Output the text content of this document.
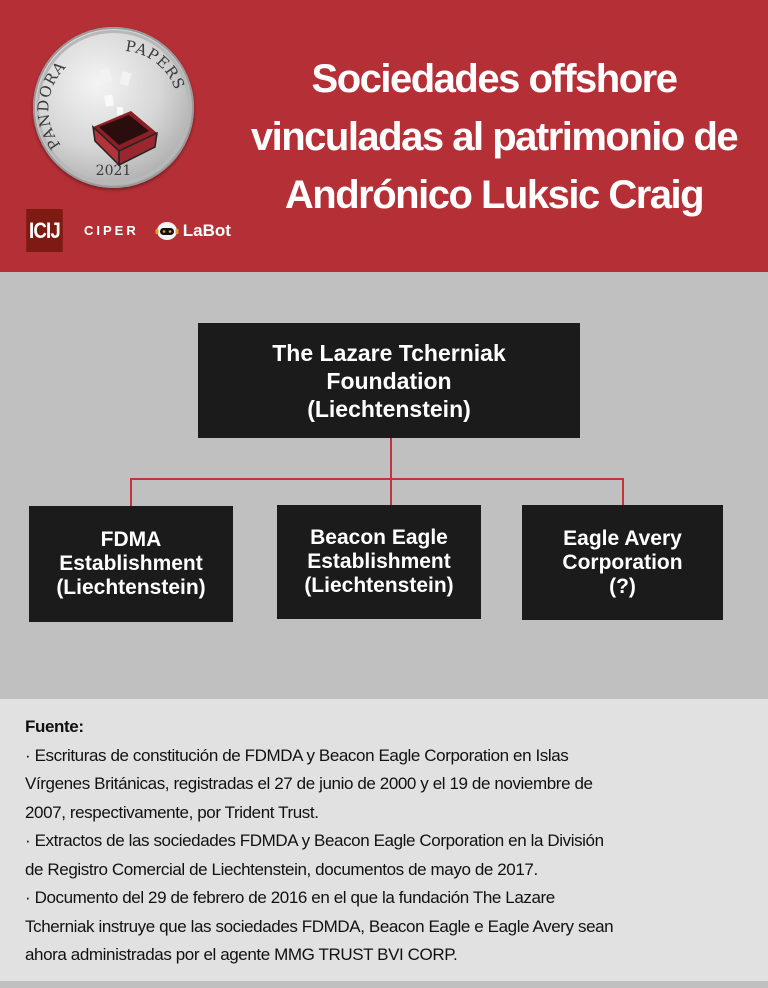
PANDORA
PAPERS
2021
ICIJ CIPER	LaBot
Sociedades offshore
vinculadas al patrimonio de
Andrónico Luksic Craig
The Lazare Tcherniak
Foundation
(Liechtenstein)
FDMA
Establishment
(Liechtenstein)
Beacon Eagle
Establishment
(Liechtenstein)
Eagle Avery
Corporation
(?)
Fuente:
· Escrituras de constitución de FDMDA y Beacon Eagle Corporation en Islas
Vírgenes Británicas, registradas el 27 de junio de 2000 y el 19 de noviembre de
2007, respectivamente, por Trident Trust.
· Extractos de las sociedades FDMDA y Beacon Eagle Corporation en la División
de Registro Comercial de Liechtenstein, documentos de mayo de 2017.
· Documento del 29 de febrero de 2016 en el que la fundación The Lazare
Tcherniak instruye que las sociedades FDMDA, Beacon Eagle e Eagle Avery sean
ahora administradas por el agente MMG TRUST BVI CORP.
